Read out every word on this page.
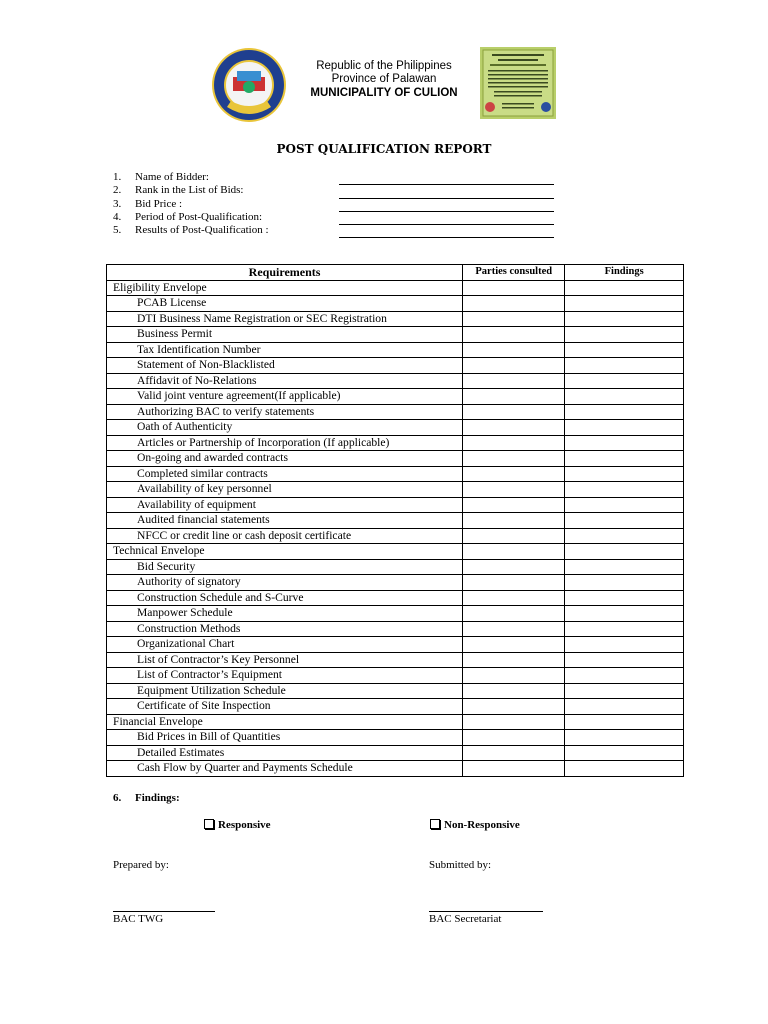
Republic of the Philippines
Province of Palawan
MUNICIPALITY OF CULION
POST QUALIFICATION REPORT
1.	Name of Bidder:
2.	Rank in the List of Bids:
3.	Bid Price :
4.	Period of Post-Qualification:
5.	Results of Post-Qualification :
Requirements	Parties consulted	Findings
Eligibility Envelope		
PCAB License		
DTI Business Name Registration or SEC Registration		
Business Permit		
Tax Identification Number		
Statement of Non-Blacklisted		
Affidavit of No-Relations		
Valid joint venture agreement(If applicable)		
Authorizing BAC to verify statements		
Oath of Authenticity		
Articles or Partnership of Incorporation (If applicable)		
On-going and awarded contracts		
Completed similar contracts		
Availability of key personnel		
Availability of equipment		
Audited financial statements		
NFCC or credit line or cash deposit certificate		
Technical Envelope		
Bid Security		
Authority of signatory		
Construction Schedule and S-Curve		
Manpower Schedule		
Construction Methods		
Organizational Chart		
List of Contractor’s Key Personnel		
List of Contractor’s Equipment		
Equipment Utilization Schedule		
Certificate of Site Inspection		
Financial Envelope		
Bid Prices in Bill of Quantities		
Detailed Estimates		
Cash Flow by Quarter and Payments Schedule		
6.     Findings:
Responsive	Non-Responsive
Prepared by:	Submitted by:
BAC TWG	BAC Secretariat
